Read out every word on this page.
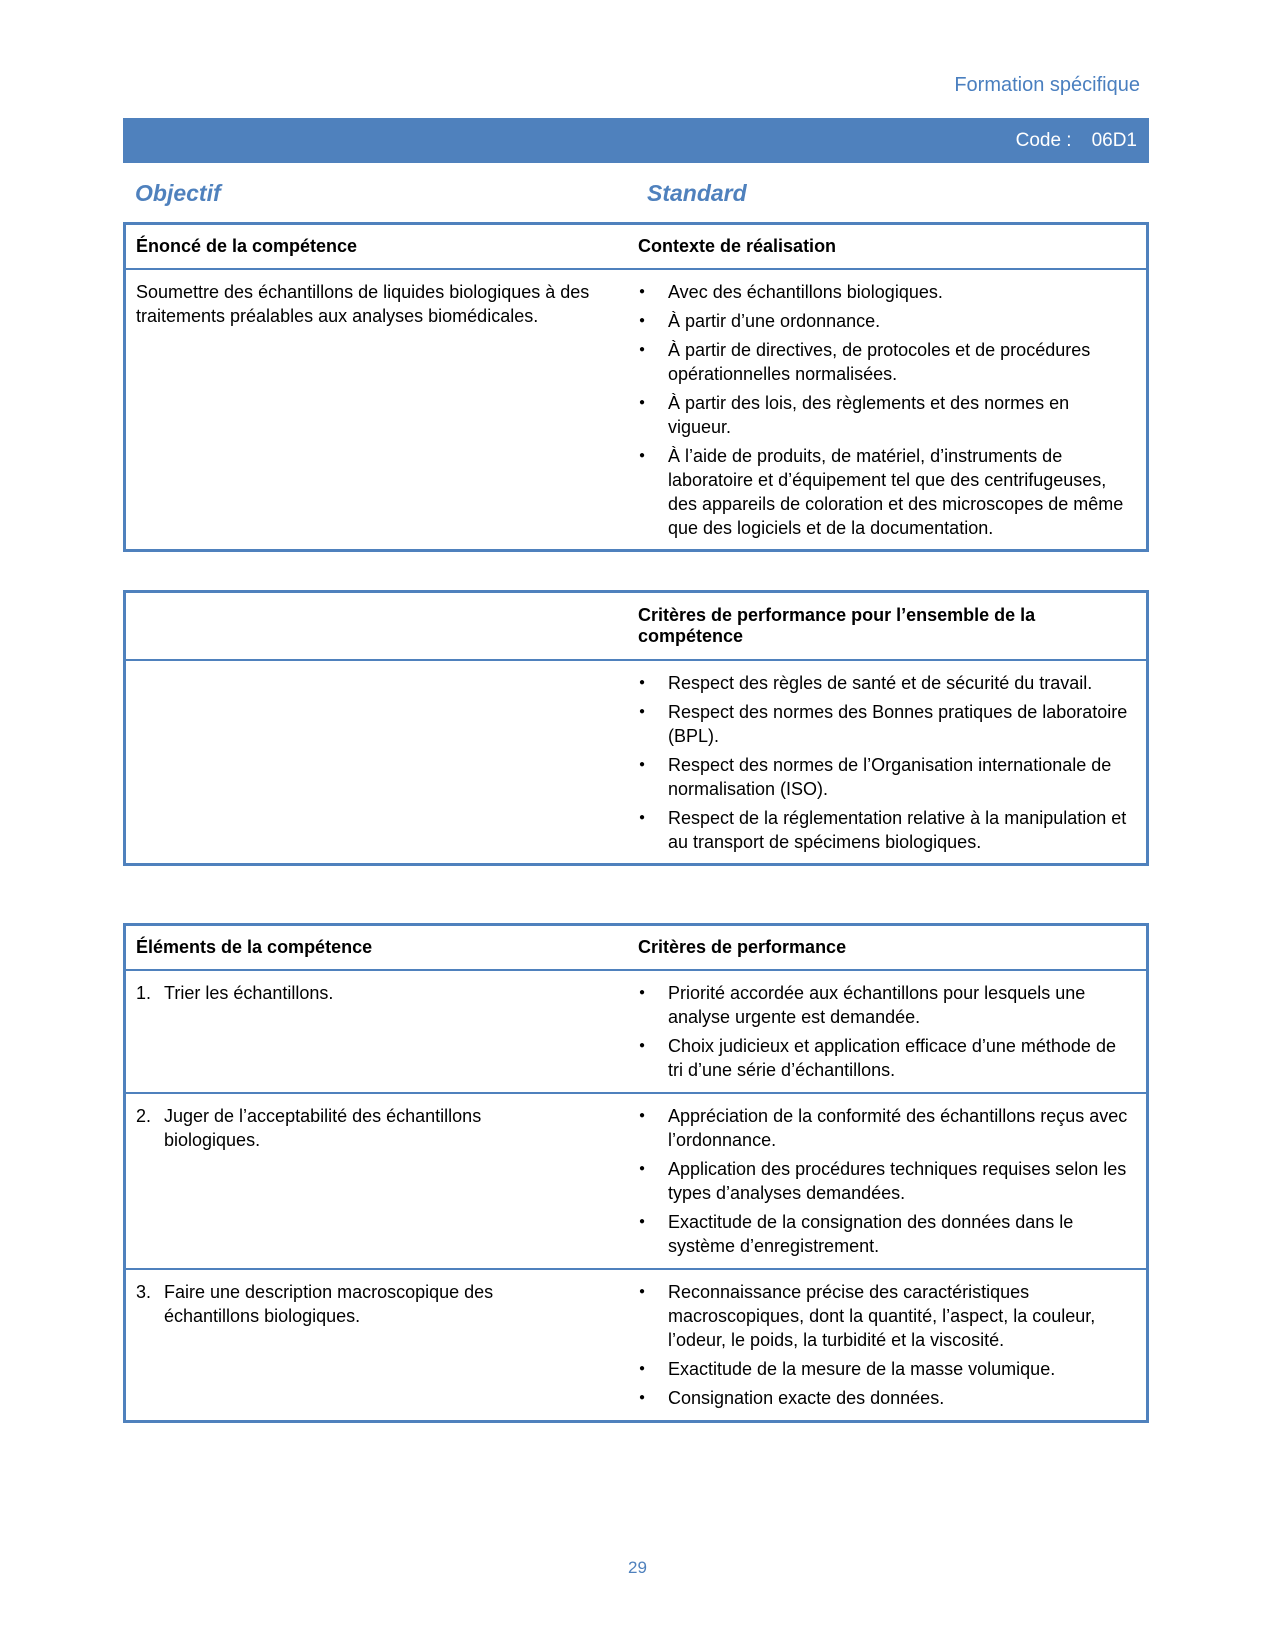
Formation spécifique
Code : 06D1
Objectif	Standard
Énoncé de la compétence	Contexte de réalisation
Soumettre des échantillons de liquides biologiques à des traitements préalables aux analyses biomédicales.
● Avec des échantillons biologiques.
● À partir d’une ordonnance.
● À partir de directives, de protocoles et de procédures opérationnelles normalisées.
● À partir des lois, des règlements et des normes en vigueur.
● À l’aide de produits, de matériel, d’instruments de laboratoire et d’équipement tel que des centrifugeuses, des appareils de coloration et des microscopes de même que des logiciels et de la documentation.
Critères de performance pour l’ensemble de la compétence
● Respect des règles de santé et de sécurité du travail.
● Respect des normes des Bonnes pratiques de laboratoire (BPL).
● Respect des normes de l’Organisation internationale de normalisation (ISO).
● Respect de la réglementation relative à la manipulation et au transport de spécimens biologiques.
Éléments de la compétence	Critères de performance
1. Trier les échantillons.
●	Priorité accordée aux échantillons pour lesquels une analyse urgente est demandée.
● Choix judicieux et application efficace d’une méthode de tri d’une série d’échantillons.
2. Juger de l’acceptabilité des échantillons biologiques.
● Appréciation de la conformité des échantillons reçus avec l’ordonnance.
● Application des procédures techniques requises selon les types d’analyses demandées.
● Exactitude de la consignation des données dans le système d’enregistrement.
3. Faire une description macroscopique des échantillons biologiques.
● Reconnaissance précise des caractéristiques macroscopiques, dont la quantité, l’aspect, la couleur, l’odeur, le poids, la turbidité et la viscosité.
● Exactitude de la mesure de la masse volumique.
● Consignation exacte des données.
29
